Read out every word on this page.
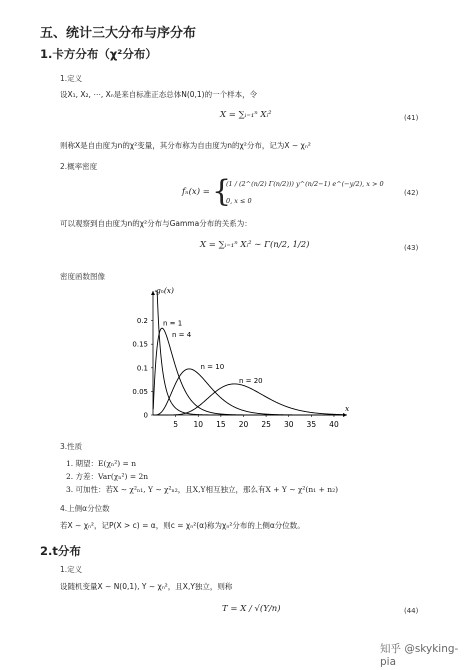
五、统计三大分布与序分布
1.卡方分布（χ²分布）
1.定义
设X₁, X₂, ⋯, Xₙ是来自标准正态总体N(0,1)的一个样本，令
X = ∑ᵢ₌₁ⁿ Xᵢ²	(41)
则称X是自由度为n的χ²变量，其分布称为自由度为n的χ²分布，记为X ∼ χₙ²
2.概率密度
fₙ(x) = {
(1 / (2^(n/2) Γ(n/2))) y^(n/2−1) e^(−y/2), x > 0
0, x ≤ 0
(42)
可以观察到自由度为n的χ²分布与Gamma分布的关系为：
X = ∑ᵢ₌₁ⁿ Xᵢ² ∼ Γ(n/2, 1/2)	(43)
密度函数图像
5 10 15 20 25 30 35 40
0
0.05
0.1
0.15
0.2
gₙ(x)
x
n = 1
n = 4
n = 10
n = 20
3.性质
1. 期望：E(χₙ²) = n
2. 方差：Var(χₙ²) = 2n
3. 可加性：若X ∼ χ²ₙ₁, Y ∼ χ²ₙ₂，且X,Y相互独立，那么有X + Y ∼ χ²(n₁ + n₂)
4.上侧α分位数
若X ∼ χₙ²，记P(X > c) = α，则c = χₙ²(α)称为χₙ²分布的上侧α分位数。
2.t分布
1.定义
设随机变量X ∼ N(0,1), Y ∼ χₙ²，且X,Y独立，则称
T = X / √(Y/n)	(44)
知乎 @skyking-pia
